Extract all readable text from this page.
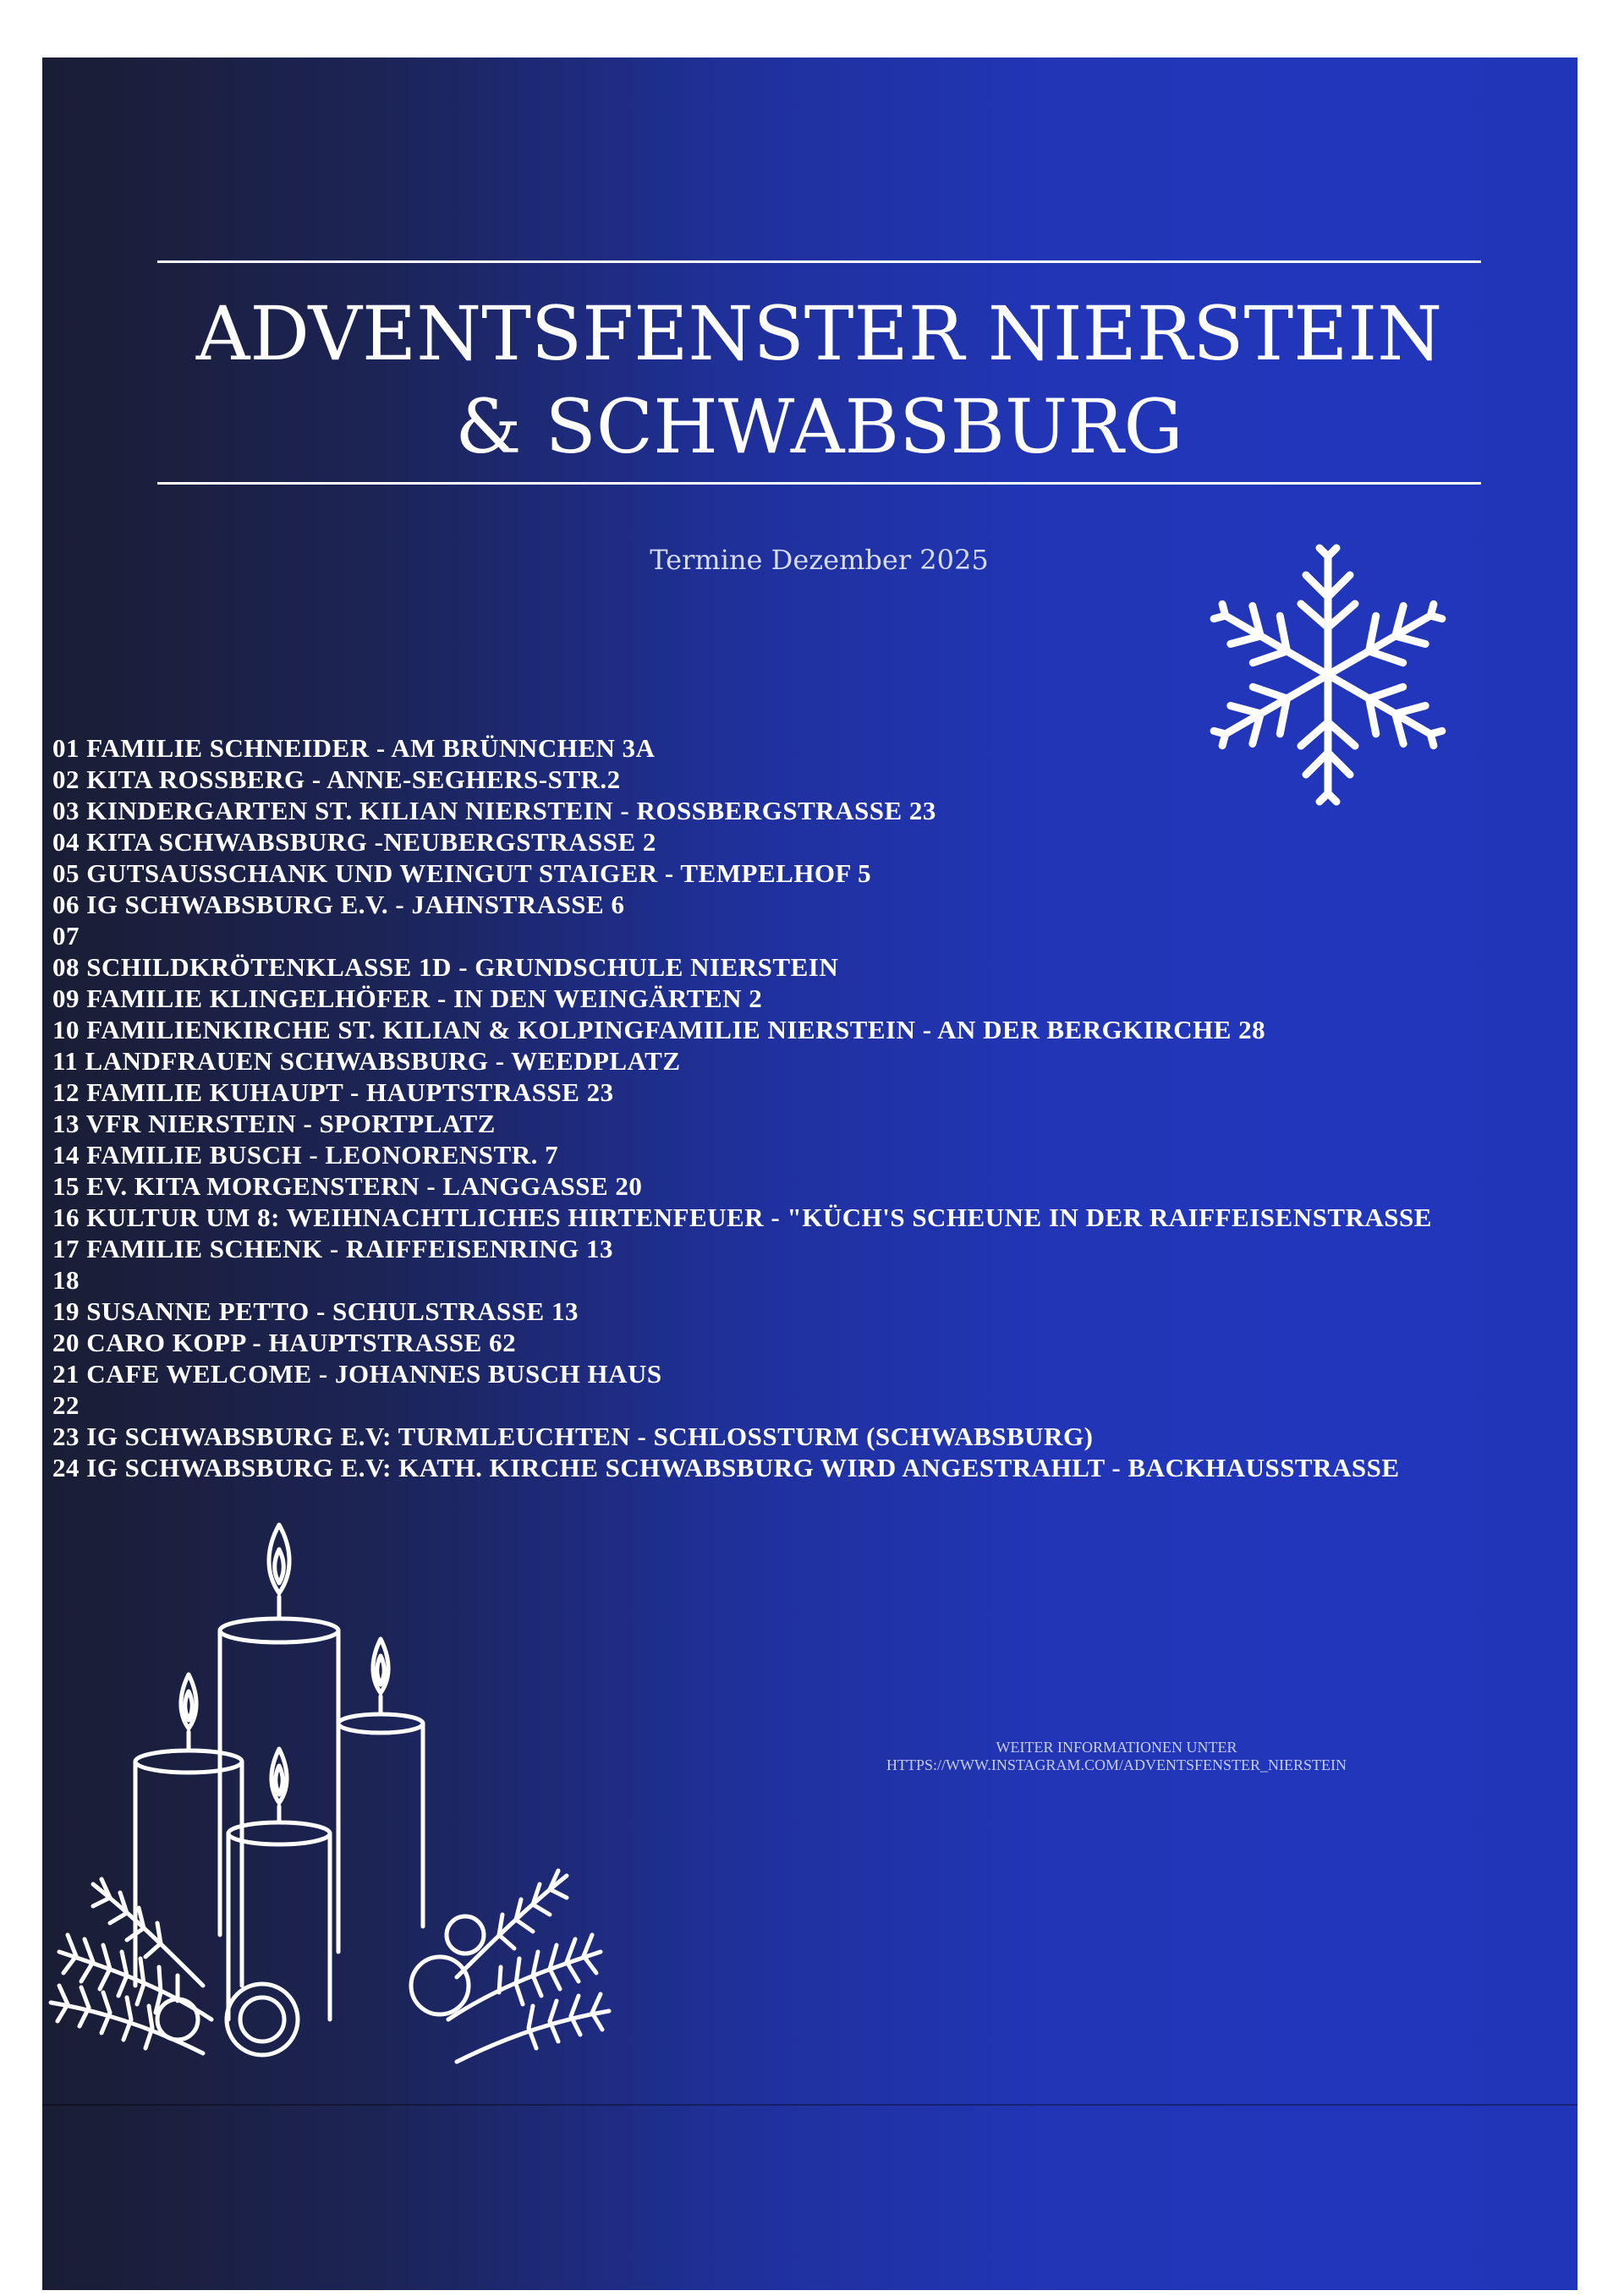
ADVENTSFENSTER NIERSTEIN
& SCHWABSBURG
Termine Dezember 2025
01 FAMILIE SCHNEIDER - AM BRÜNNCHEN 3A
02 KITA ROSSBERG - ANNE-SEGHERS-STR.2
03 KINDERGARTEN ST. KILIAN NIERSTEIN - ROSSBERGSTRASSE 23
04 KITA SCHWABSBURG -NEUBERGSTRASSE 2
05 GUTSAUSSCHANK UND WEINGUT STAIGER - TEMPELHOF 5
06 IG SCHWABSBURG E.V. - JAHNSTRASSE 6
07
08 SCHILDKRÖTENKLASSE 1D - GRUNDSCHULE NIERSTEIN
09 FAMILIE KLINGELHÖFER - IN DEN WEINGÄRTEN 2
10 FAMILIENKIRCHE ST. KILIAN & KOLPINGFAMILIE NIERSTEIN - AN DER BERGKIRCHE 28
11 LANDFRAUEN SCHWABSBURG - WEEDPLATZ
12 FAMILIE KUHAUPT - HAUPTSTRASSE 23
13 VFR NIERSTEIN - SPORTPLATZ
14 FAMILIE BUSCH - LEONORENSTR. 7
15 EV. KITA MORGENSTERN - LANGGASSE 20
16 KULTUR UM 8: WEIHNACHTLICHES HIRTENFEUER - "KÜCH'S SCHEUNE IN DER RAIFFEISENSTRASSE
17 FAMILIE SCHENK - RAIFFEISENRING 13
18
19 SUSANNE PETTO - SCHULSTRASSE 13
20 CARO KOPP - HAUPTSTRASSE 62
21 CAFE WELCOME - JOHANNES BUSCH HAUS
22
23 IG SCHWABSBURG E.V: TURMLEUCHTEN - SCHLOSSTURM (SCHWABSBURG)
24 IG SCHWABSBURG E.V: KATH. KIRCHE SCHWABSBURG WIRD ANGESTRAHLT - BACKHAUSSTRASSE
WEITER INFORMATIONEN UNTER
HTTPS://WWW.INSTAGRAM.COM/ADVENTSFENSTER_NIERSTEIN
